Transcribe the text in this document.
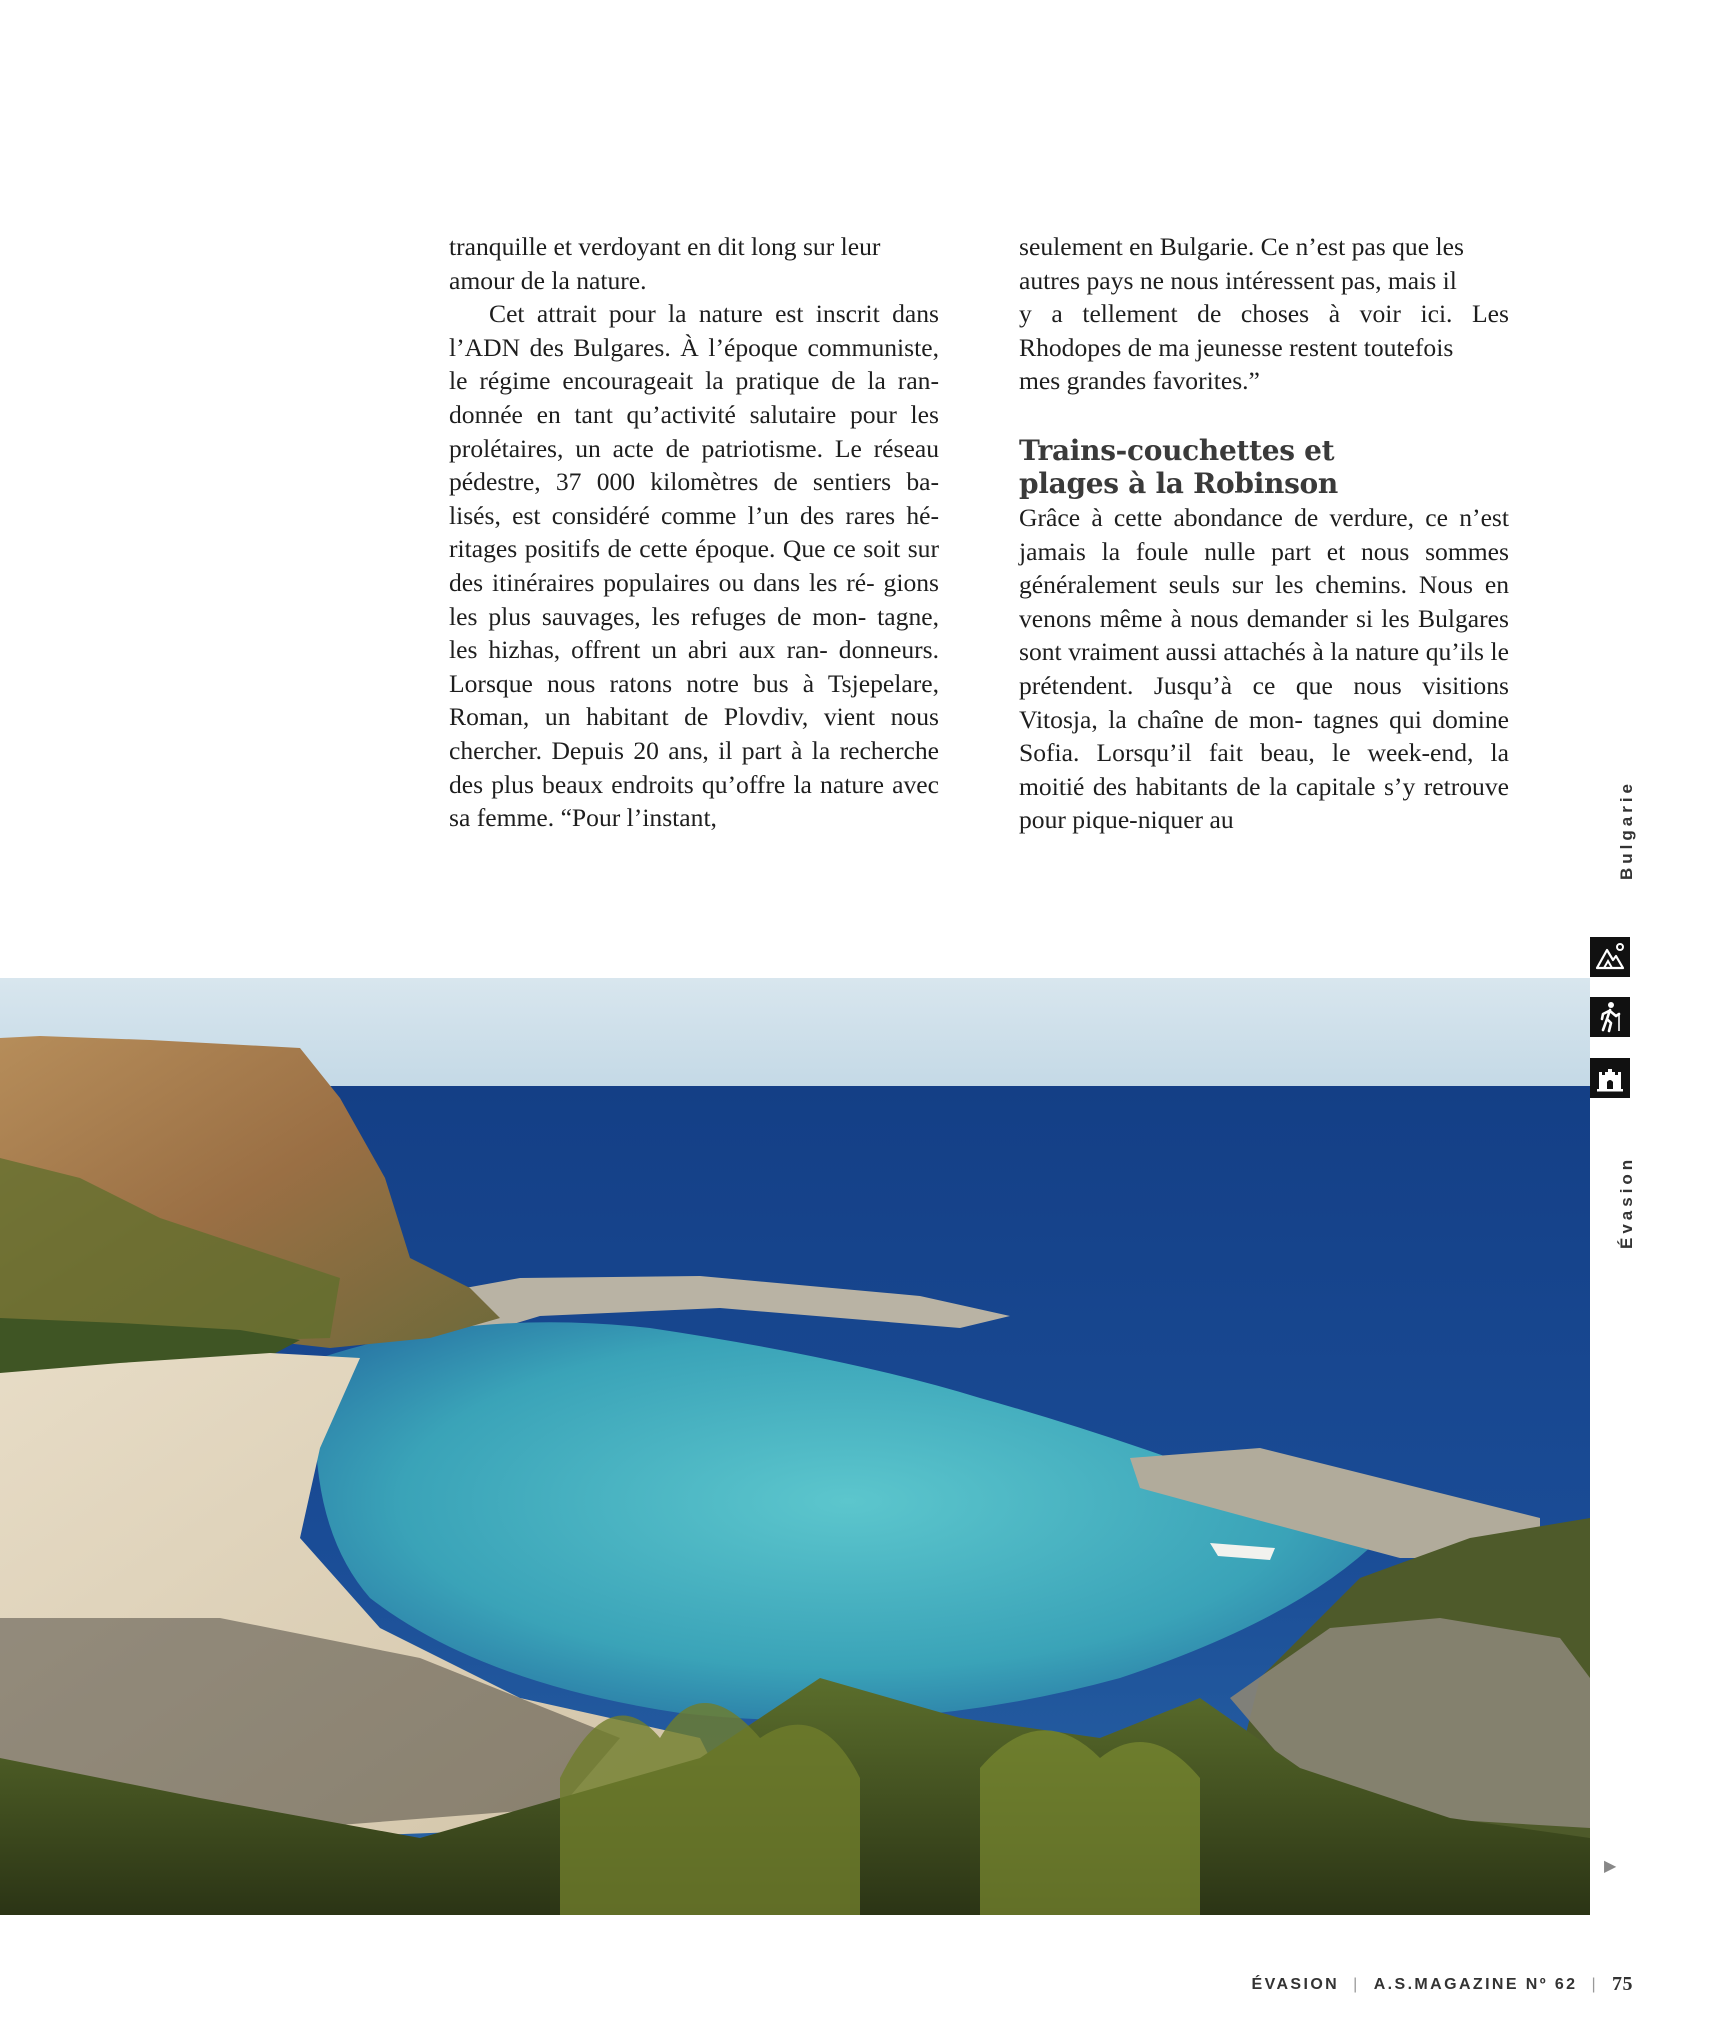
tranquille et verdoyant en dit long sur leur
amour de la nature.

Cet attrait pour la nature est inscrit dans l’ADN des Bulgares. À l’époque communiste, le régime encourageait la pratique de la ran- donnée en tant qu’activité salutaire pour les prolétaires, un acte de patriotisme. Le réseau pédestre, 37 000 kilomètres de sentiers ba- lisés, est considéré comme l’un des rares hé- ritages positifs de cette époque. Que ce soit sur des itinéraires populaires ou dans les ré- gions les plus sauvages, les refuges de mon- tagne, les hizhas, offrent un abri aux ran- donneurs. Lorsque nous ratons notre bus à Tsjepelare, Roman, un habitant de Plovdiv, vient nous chercher. Depuis 20 ans, il part à la recherche des plus beaux endroits qu’offre la nature avec sa femme. “Pour l’instant,

seulement en Bulgarie. Ce n’est pas que les
autres pays ne nous intéressent pas, mais il
y a tellement de choses à voir ici. Les
Rhodopes de ma jeunesse restent toutefois
mes grandes favorites.”

Trains-couchettes et
plages à la Robinson

Grâce à cette abondance de verdure, ce n’est jamais la foule nulle part et nous sommes généralement seuls sur les chemins. Nous en venons même à nous demander si les Bulgares sont vraiment aussi attachés à la nature qu’ils le prétendent. Jusqu’à ce que nous visitions Vitosja, la chaîne de mon- tagnes qui domine Sofia. Lorsqu’il fait beau, le week-end, la moitié des habitants de la capitale s’y retrouve pour pique-niquer au	Bulgarie
Évasion
▶
ÉVASION | A.S.MAGAZINE Nº 62 | 75
